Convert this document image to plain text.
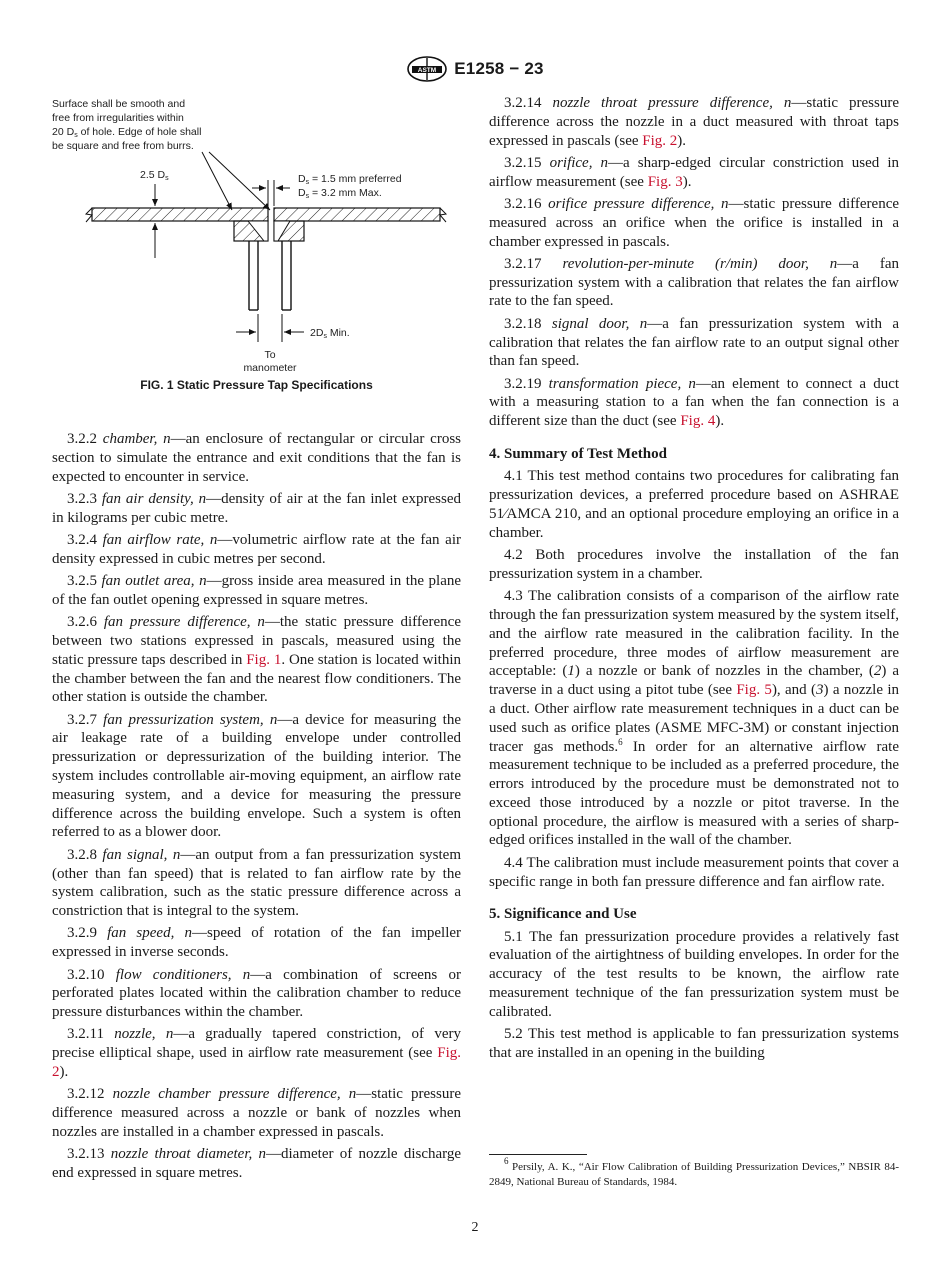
ASTM E1258 − 23
Surface shall be smooth and
free from irregularities within
20 Ds of hole. Edge of hole shall
be square and free from burrs.
2.5 Ds	Ds = 1.5 mm preferred
Ds = 3.2 mm Max.
2Ds Min.
To
manometer
FIG. 1 Static Pressure Tap Specifications

3.2.2 chamber, n—an enclosure of rectangular or circular cross section to simulate the entrance and exit conditions that the fan is expected to encounter in service.

3.2.3 fan air density, n—density of air at the fan inlet expressed in kilograms per cubic metre.

3.2.4 fan airflow rate, n—volumetric airflow rate at the fan air density expressed in cubic metres per second.

3.2.5 fan outlet area, n—gross inside area measured in the plane of the fan outlet opening expressed in square metres.

3.2.6 fan pressure difference, n—the static pressure difference between two stations expressed in pascals, measured using the static pressure taps described in Fig. 1. One station is located within the chamber between the fan and the nearest flow conditioners. The other station is outside the chamber.

3.2.7 fan pressurization system, n—a device for measuring the air leakage rate of a building envelope under controlled pressurization or depressurization of the building interior. The system includes controllable air-moving equipment, an airflow rate measuring system, and a device for measuring the pressure difference across the building envelope. Such a system is often referred to as a blower door.

3.2.8 fan signal, n—an output from a fan pressurization system (other than fan speed) that is related to fan airflow rate by the system calibration, such as the static pressure difference across a constriction that is integral to the system.

3.2.9 fan speed, n—speed of rotation of the fan impeller expressed in inverse seconds.

3.2.10 flow conditioners, n—a combination of screens or perforated plates located within the calibration chamber to reduce pressure disturbances within the chamber.

3.2.11 nozzle, n—a gradually tapered constriction, of very precise elliptical shape, used in airflow rate measurement (see Fig. 2).

3.2.12 nozzle chamber pressure difference, n—static pressure difference measured across a nozzle or bank of nozzles when nozzles are installed in a chamber expressed in pascals.

3.2.13 nozzle throat diameter, n—diameter of nozzle discharge end expressed in square metres.

3.2.14 nozzle throat pressure difference, n—static pressure difference across the nozzle in a duct measured with throat taps expressed in pascals (see Fig. 2).

3.2.15 orifice, n—a sharp-edged circular constriction used in airflow measurement (see Fig. 3).

3.2.16 orifice pressure difference, n—static pressure difference measured across an orifice when the orifice is installed in a chamber expressed in pascals.

3.2.17 revolution-per-minute (r/min) door, n—a fan pressurization system with a calibration that relates the fan airflow rate to the fan speed.

3.2.18 signal door, n—a fan pressurization system with a calibration that relates the fan airflow rate to an output signal other than fan speed.

3.2.19 transformation piece, n—an element to connect a duct with a measuring station to a fan when the fan connection is a different size than the duct (see Fig. 4).

4. Summary of Test Method

4.1 This test method contains two procedures for calibrating fan pressurization devices, a preferred procedure based on ASHRAE 51⁄AMCA 210, and an optional procedure employing an orifice in a chamber.

4.2 Both procedures involve the installation of the fan pressurization system in a chamber.

4.3 The calibration consists of a comparison of the airflow rate through the fan pressurization system measured by the system itself, and the airflow rate measured in the calibration facility. In the preferred procedure, three modes of airflow measurement are acceptable: (1) a nozzle or bank of nozzles in the chamber, (2) a traverse in a duct using a pitot tube (see Fig. 5), and (3) a nozzle in a duct. Other airflow rate measurement techniques in a duct can be used such as orifice plates (ASME MFC-3M) or constant injection tracer gas methods.$^6$ In order for an alternative airflow rate measurement technique to be included as a preferred procedure, the errors introduced by the procedure must be demonstrated not to exceed those introduced by a nozzle or pitot traverse. In the optional procedure, the airflow is measured with a series of sharp-edged orifices installed in the wall of the chamber.

4.4 The calibration must include measurement points that cover a specific range in both fan pressure difference and fan airflow rate.

5. Significance and Use

5.1 The fan pressurization procedure provides a relatively fast evaluation of the airtightness of building envelopes. In order for the accuracy of the test results to be known, the airflow rate measurement technique of the fan pressurization system must be calibrated.

5.2 This test method is applicable to fan pressurization systems that are installed in an opening in the building

$^6$ Persily, A. K., “Air Flow Calibration of Building Pressurization Devices,” NBSIR 84-2849, National Bureau of Standards, 1984.
2
